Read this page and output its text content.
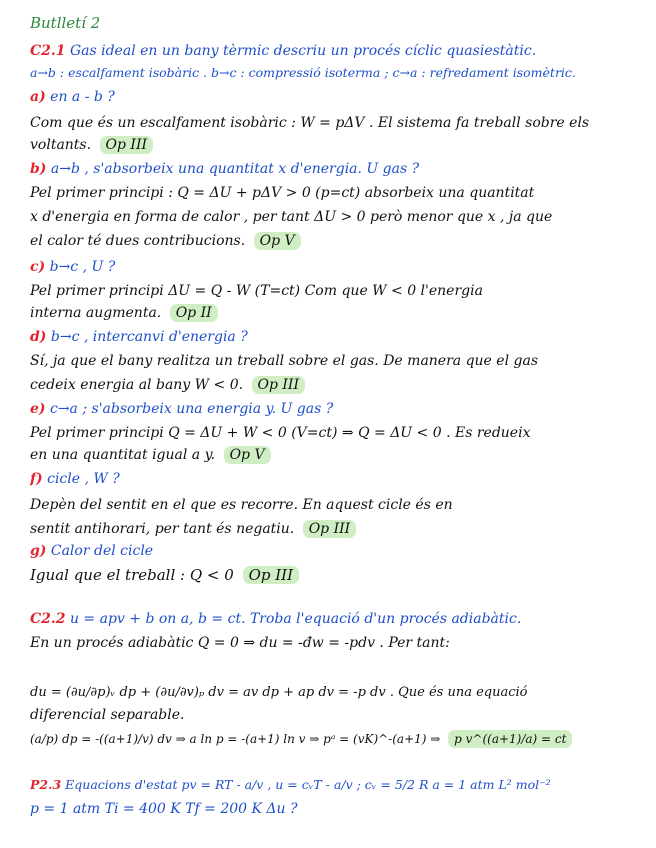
Butlletí 2
C2.1 Gas ideal en un bany tèrmic descriu un procés cíclic quasiestàtic.
a→b : escalfament isobàric . b→c : compressió isoterma ; c→a : refredament isomètric.
a) en a - b ?
Com que és un escalfament isobàric : W = pΔV . El sistema fa treball sobre els
voltants. Op III
b) a→b , s'absorbeix una quantitat x d'energia. U gas ?
Pel primer principi : Q = ΔU + pΔV > 0 (p=ct) absorbeix una quantitat
x d'energia en forma de calor , per tant ΔU > 0 però menor que x , ja que
el calor té dues contribucions. Op V
c) b→c , U ?
Pel primer principi ΔU = Q - W (T=ct) Com que W < 0 l'energia
interna augmenta. Op II
d) b→c , intercanvi d'energia ?
Sí, ja que el bany realitza un treball sobre el gas. De manera que el gas
cedeix energia al bany W < 0. Op III
e) c→a ; s'absorbeix una energia y. U gas ?
Pel primer principi Q = ΔU + W < 0 (V=ct) ⇒ Q = ΔU < 0 . Es redueix
en una quantitat igual a y. Op V
f) cicle , W ?
Depèn del sentit en el que es recorre. En aquest cicle és en
sentit antihorari, per tant és negatiu. Op III
g) Calor del cicle
Igual que el treball : Q < 0 Op III
C2.2 u = apv + b on a, b = ct. Troba l'equació d'un procés adiabàtic.
En un procés adiabàtic Q = 0 ⇒ du = -đw = -pdv . Per tant:
du = (∂u/∂p)ᵥ dp + (∂u/∂v)ₚ dv = av dp + ap dv = -p dv . Que és una equació
diferencial separable.
(a/p) dp = -((a+1)/v) dv ⇒ a ln p = -(a+1) ln v ⇒ pᵃ = (vK)^-(a+1) ⇒ p v^((a+1)/a) = ct
P2.3 Equacions d'estat pv = RT - a/v , u = cᵥT - a/v ; cᵥ = 5/2 R a = 1 atm L² mol⁻²
p = 1 atm Ti = 400 K Tf = 200 K Δu ?
